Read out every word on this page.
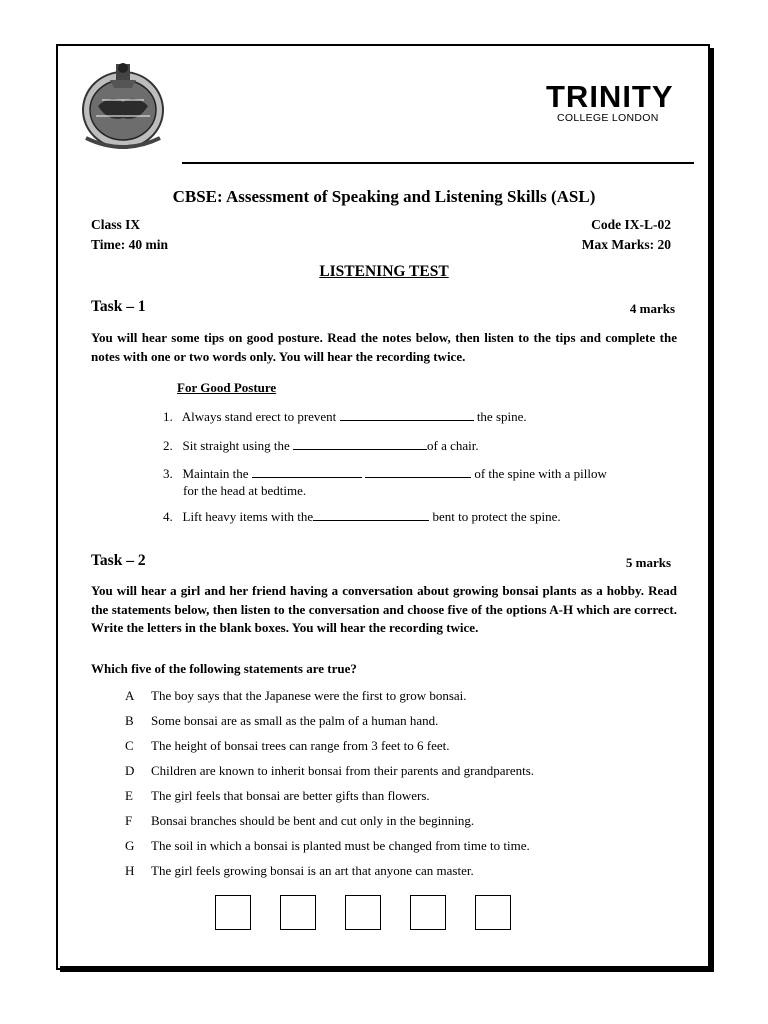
TRINITY
COLLEGE LONDON
CBSE: Assessment of Speaking and Listening Skills (ASL)
Class IX	Code IX-L-02
Time: 40 min	Max Marks: 20
LISTENING TEST
Task – 1	4 marks
You will hear some tips on good posture. Read the notes below, then listen to the tips and complete the notes with one or two words only. You will hear the recording twice.
For Good Posture
1. Always stand erect to prevent	the spine.
2. Sit straight using the	of a chair.
3. Maintain the	of the spine with a pillow
for the head at bedtime.
4. Lift heavy items with the	bent to protect the spine.
Task – 2	5 marks
You will hear a girl and her friend having a conversation about growing bonsai plants as a hobby. Read the statements below, then listen to the conversation and choose five of the options A-H which are correct. Write the letters in the blank boxes. You will hear the recording twice.
Which five of the following statements are true?
A The boy says that the Japanese were the first to grow bonsai.
B Some bonsai are as small as the palm of a human hand.
C The height of bonsai trees can range from 3 feet to 6 feet.
D Children are known to inherit bonsai from their parents and grandparents.
E The girl feels that bonsai are better gifts than flowers.
F Bonsai branches should be bent and cut only in the beginning.
G The soil in which a bonsai is planted must be changed from time to time.
H The girl feels growing bonsai is an art that anyone can master.
